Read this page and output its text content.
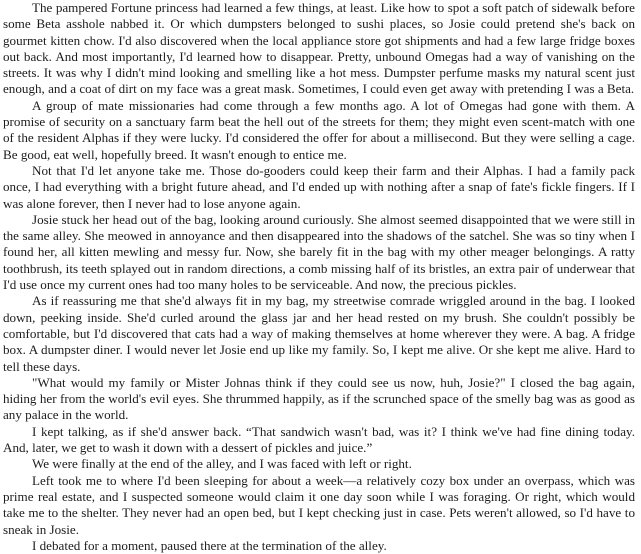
The pampered Fortune princess had learned a few things, at least. Like how to spot a soft patch of sidewalk before some Beta asshole nabbed it. Or which dumpsters belonged to sushi places, so Josie could pretend she's back on gourmet kitten chow. I'd also discovered when the local appliance store got shipments and had a few large fridge boxes out back. And most importantly, I'd learned how to disappear. Pretty, unbound Omegas had a way of vanishing on the streets. It was why I didn't mind looking and smelling like a hot mess. Dumpster perfume masks my natural scent just enough, and a coat of dirt on my face was a great mask. Sometimes, I could even get away with pretending I was a Beta.

A group of mate missionaries had come through a few months ago. A lot of Omegas had gone with them. A promise of security on a sanctuary farm beat the hell out of the streets for them; they might even scent-match with one of the resident Alphas if they were lucky. I'd considered the offer for about a millisecond. But they were selling a cage. Be good, eat well, hopefully breed. It wasn't enough to entice me.

Not that I'd let anyone take me. Those do-gooders could keep their farm and their Alphas. I had a family pack once, I had everything with a bright future ahead, and I'd ended up with nothing after a snap of fate's fickle fingers. If I was alone forever, then I never had to lose anyone again.

Josie stuck her head out of the bag, looking around curiously. She almost seemed disappointed that we were still in the same alley. She meowed in annoyance and then disappeared into the shadows of the satchel. She was so tiny when I found her, all kitten mewling and messy fur. Now, she barely fit in the bag with my other meager belongings. A ratty toothbrush, its teeth splayed out in random directions, a comb missing half of its bristles, an extra pair of underwear that I'd use once my current ones had too many holes to be serviceable. And now, the precious pickles.

As if reassuring me that she'd always fit in my bag, my streetwise comrade wriggled around in the bag. I looked down, peeking inside. She'd curled around the glass jar and her head rested on my brush. She couldn't possibly be comfortable, but I'd discovered that cats had a way of making themselves at home wherever they were. A bag. A fridge box. A dumpster diner. I would never let Josie end up like my family. So, I kept me alive. Or she kept me alive. Hard to tell these days.

"What would my family or Mister Johnas think if they could see us now, huh, Josie?" I closed the bag again, hiding her from the world's evil eyes. She thrummed happily, as if the scrunched space of the smelly bag was as good as any palace in the world.

I kept talking, as if she'd answer back. “That sandwich wasn't bad, was it? I think we've had fine dining today. And, later, we get to wash it down with a dessert of pickles and juice.”

We were finally at the end of the alley, and I was faced with left or right.

Left took me to where I'd been sleeping for about a week—a relatively cozy box under an overpass, which was prime real estate, and I suspected someone would claim it one day soon while I was foraging. Or right, which would take me to the shelter. They never had an open bed, but I kept checking just in case. Pets weren't allowed, so I'd have to sneak in Josie.

I debated for a moment, paused there at the termination of the alley.
